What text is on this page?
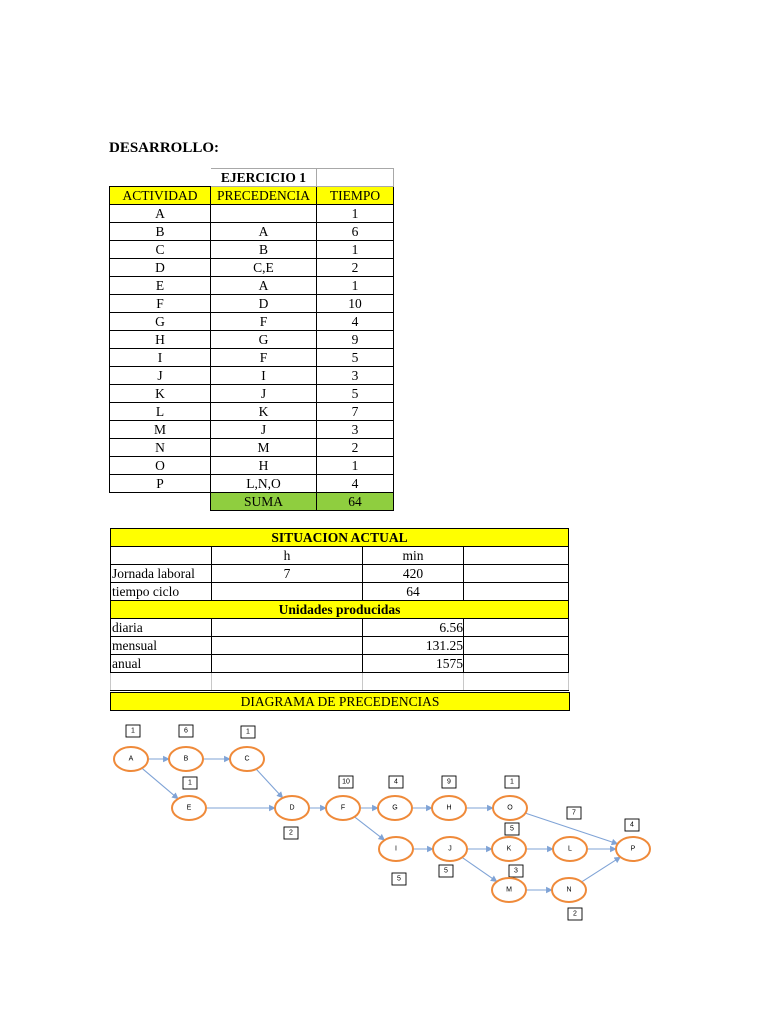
DESARROLLO:
	EJERCICIO 1	
ACTIVIDAD	PRECEDENCIA	TIEMPO
A		1
B	A	6
C	B	1
D	C,E	2
E	A	1
F	D	10
G	F	4
H	G	9
I	F	5
J	I	3
K	J	5
L	K	7
M	J	3
N	M	2
O	H	1
P	L,N,O	4
	SUMA	64
SITUACION ACTUAL			
	h	min	
Jornada laboral	7	420	
tiempo ciclo		64	
Unidades producidas			
diaria		6.56	
mensual		131.25	
anual		1575	

DIAGRAMA DE PRECEDENCIAS
1	6	1
1
2
10	4	9	1
5
5
5
7
3
2
4
A	B	C
E	D	F	G	H	O
I	J	K	L
M	N
P
